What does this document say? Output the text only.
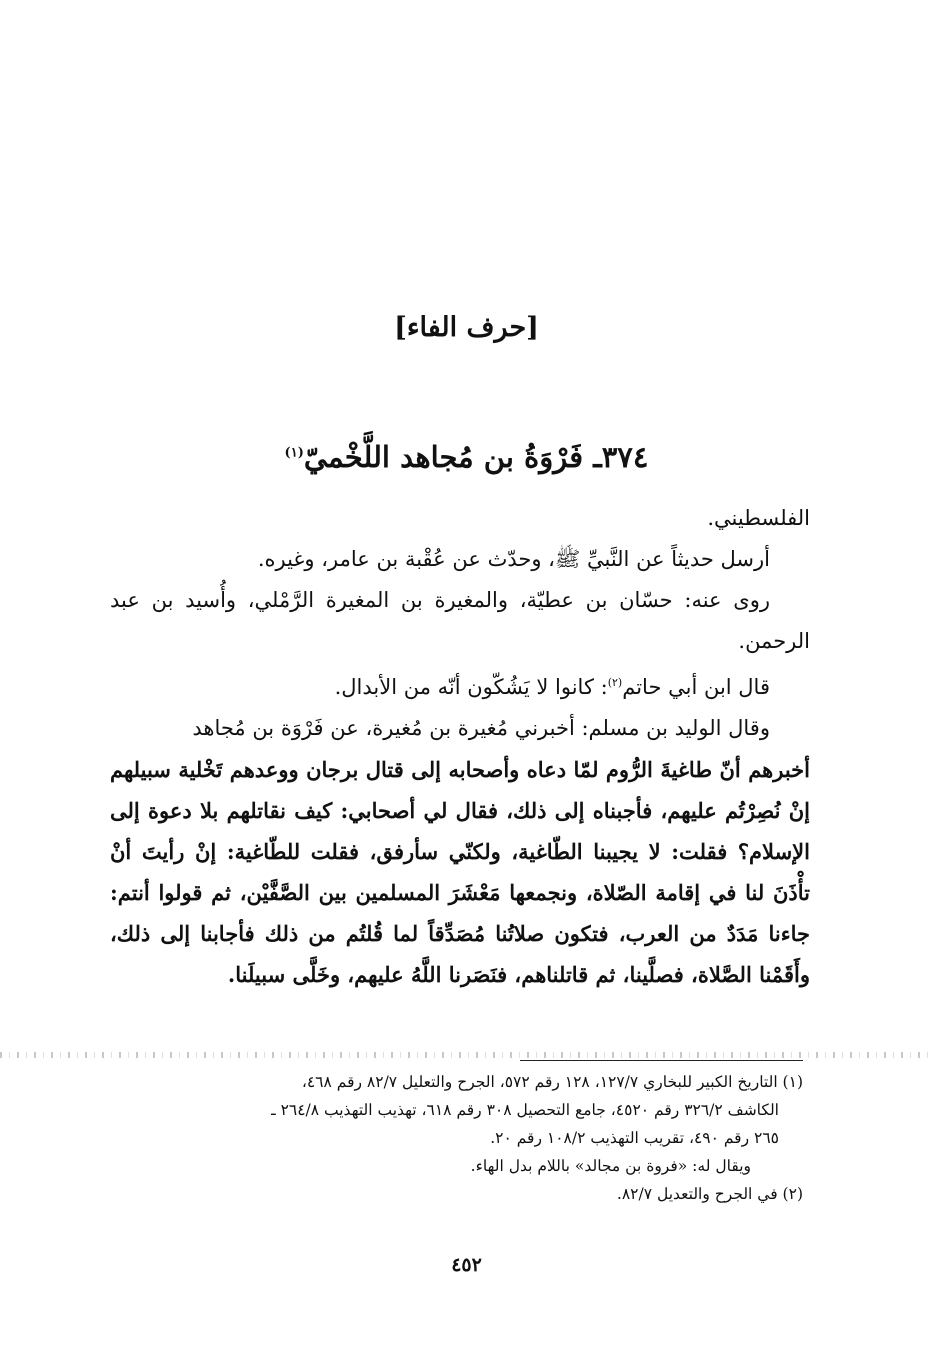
[حرف الفاء]
٣٧٤ـ فَرْوَةُ بن مُجاهد اللَّخْميّ$^{(١)}$

الفلسطيني.

أرسل حديثاً عن النَّبيِّ ﷺ، وحدّث عن عُقْبة بن عامر، وغيره.

روى عنه: حسّان بن عطيّة، والمغيرة بن المغيرة الرَّمْلي، وأُسيد بن عبد الرحمن.

قال ابن أبي حاتم$^{(٢)}$: كانوا لا يَشُكّون أنّه من الأبدال.

وقال الوليد بن مسلم: أخبرني مُغيرة بن مُغيرة، عن فَرْوَة بن مُجاهد

أخبرهم أنّ طاغيةَ الرُّوم لمّا دعاه وأصحابه إلى قتال برجان ووعدهم تَخْلية سبيلهم إنْ نُصِرْتُم عليهم، فأجبناه إلى ذلك، فقال لي أصحابي: كيف نقاتلهم بلا دعوة إلى الإسلام؟ فقلت: لا يجيبنا الطّاغية، ولكنّي سأرفق، فقلت للطّاغية: إنْ رأيتَ أنْ تأْذَنَ لنا في إقامة الصّلاة، ونجمعها مَعْشَرَ المسلمين بين الصَّفَّيْن، ثم قولوا أنتم: جاءنا مَدَدٌ من العرب، فتكون صلاتُنا مُصَدِّقاً لما قُلتُم من ذلك فأجابنا إلى ذلك، وأَقَمْنا الصَّلاة، فصلَّينا، ثم قاتلناهم، فنَصَرنا اللَّهُ عليهم، وخَلَّى سبيلَنا.

(١) التاريخ الكبير للبخاري ١٢٧/٧، ١٢٨ رقم ٥٧٢، الجرح والتعليل ٨٢/٧ رقم ٤٦٨،

الكاشف ٣٢٦/٢ رقم ٤٥٢٠، جامع التحصيل ٣٠٨ رقم ٦١٨، تهذيب التهذيب ٢٦٤/٨ ـ

٢٦٥ رقم ٤٩٠، تقريب التهذيب ١٠٨/٢ رقم ٢٠.

ويقال له: «فروة بن مجالد» باللام بدل الهاء.

(٢) في الجرح والتعديل ٨٢/٧.

٤٥٢
